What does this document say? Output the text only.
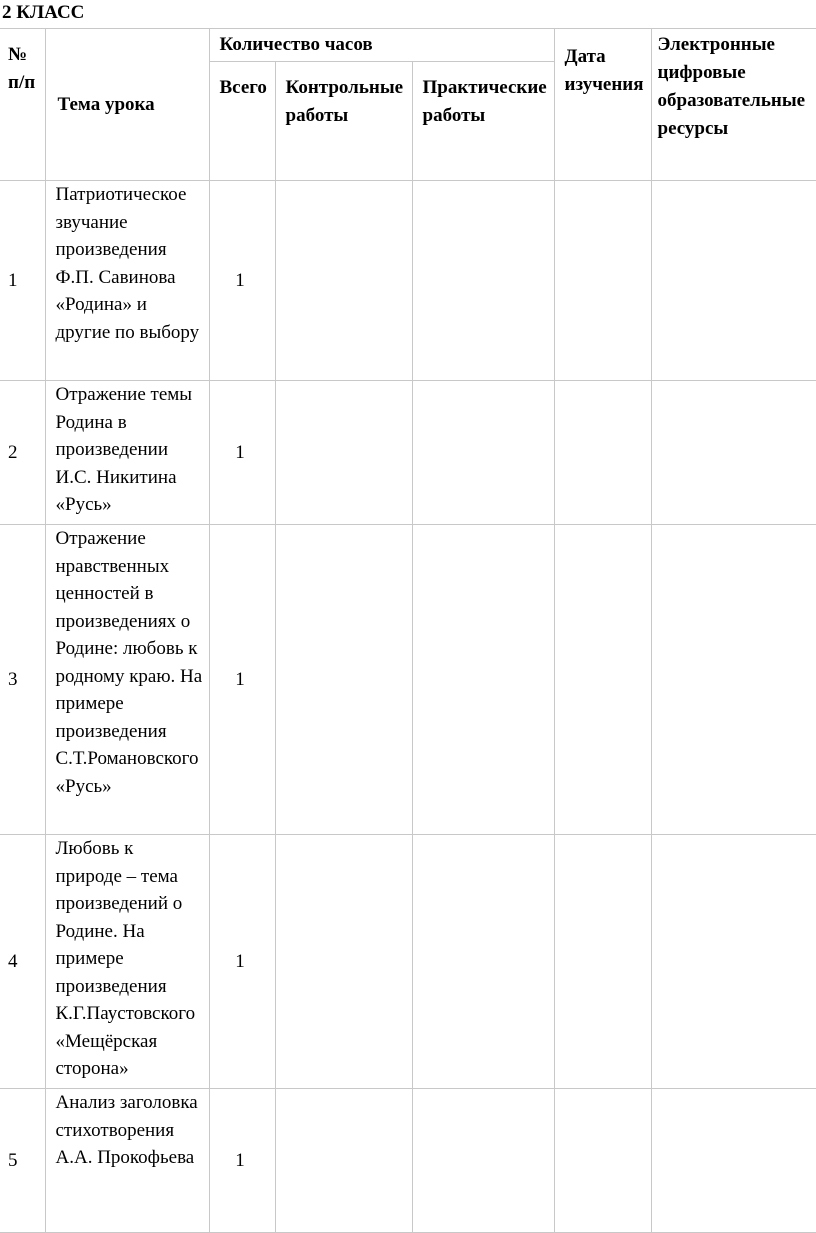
2 КЛАСС
№ п/п	Тема урока	Количество часов			Дата изучения	Электронные цифровые образовательные ресурсы
		Всего	Контрольные работы	Практические работы		
1	Патриотическое звучание произведения Ф.П. Савинова «Родина» и другие по выбору	1				
2	Отражение темы Родина в произведении И.С. Никитина «Русь»	1				
3	Отражение нравственных ценностей в произведениях о Родине: любовь к родному краю. На примере произведения С.Т.Романовского «Русь»	1				
4	Любовь к природе – тема произведений о Родине. На примере произведения К.Г.Паустовского «Мещёрская сторона»	1				
5	Анализ заголовка стихотворения А.А. Прокофьева	1				
